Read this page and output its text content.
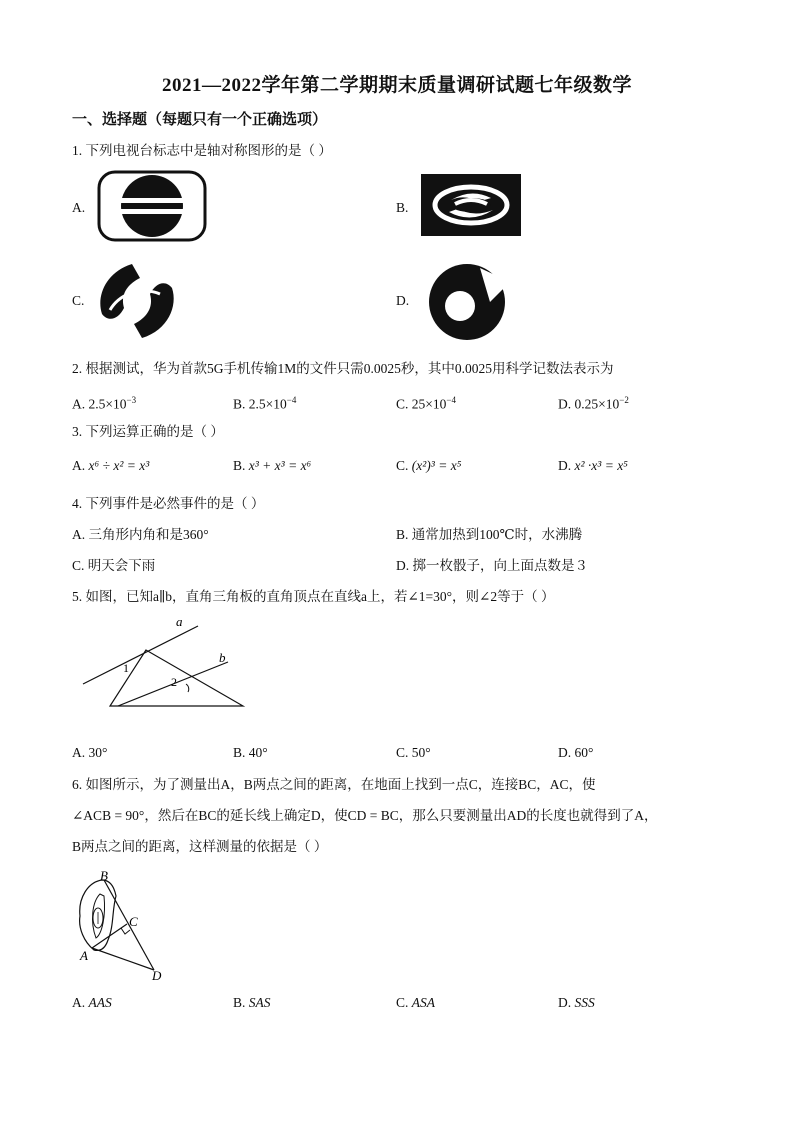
2021—2022学年第二学期期末质量调研试题七年级数学
一、选择题（每题只有一个正确选项）
1. 下列电视台标志中是轴对称图形的是（ ）
A.	B.
C.	D.
2. 根据测试，华为首款5G手机传输1M的文件只需0.0025秒，其中0.0025用科学记数法表示为
A. $2.5\times 10^{-3}$	B. $2.5\times 10^{-4}$	C. $25\times 10^{-4}$	D. $0.25\times 10^{-2}$
3. 下列运算正确的是（ ）
A. x⁶ ÷ x² = x³	B. x³ + x³ = x⁶	C. (x²)³ = x⁵	D. x² ·x³ = x⁵
4. 下列事件是必然事件的是（ ）
A. 三角形内角和是360°	B. 通常加热到100℃时，水沸腾
C. 明天会下雨	D. 掷一枚骰子，向上面点数是３
5. 如图，已知a∥b，直角三角板的直角顶点在直线a上，若∠1=30°，则∠2等于（ ）
a
b
1
2
A. 30°	B. 40°	C. 50°	D. 60°
6. 如图所示，为了测量出A，B两点之间的距离，在地面上找到一点C，连接BC，AC，使
∠ACB = 90°，然后在BC的延长线上确定D，使CD = BC，那么只要测量出AD的长度也就得到了A，
B两点之间的距离，这样测量的依据是（ ）
B
C
A
D
A. AAS	B. SAS	C. ASA	D. SSS
